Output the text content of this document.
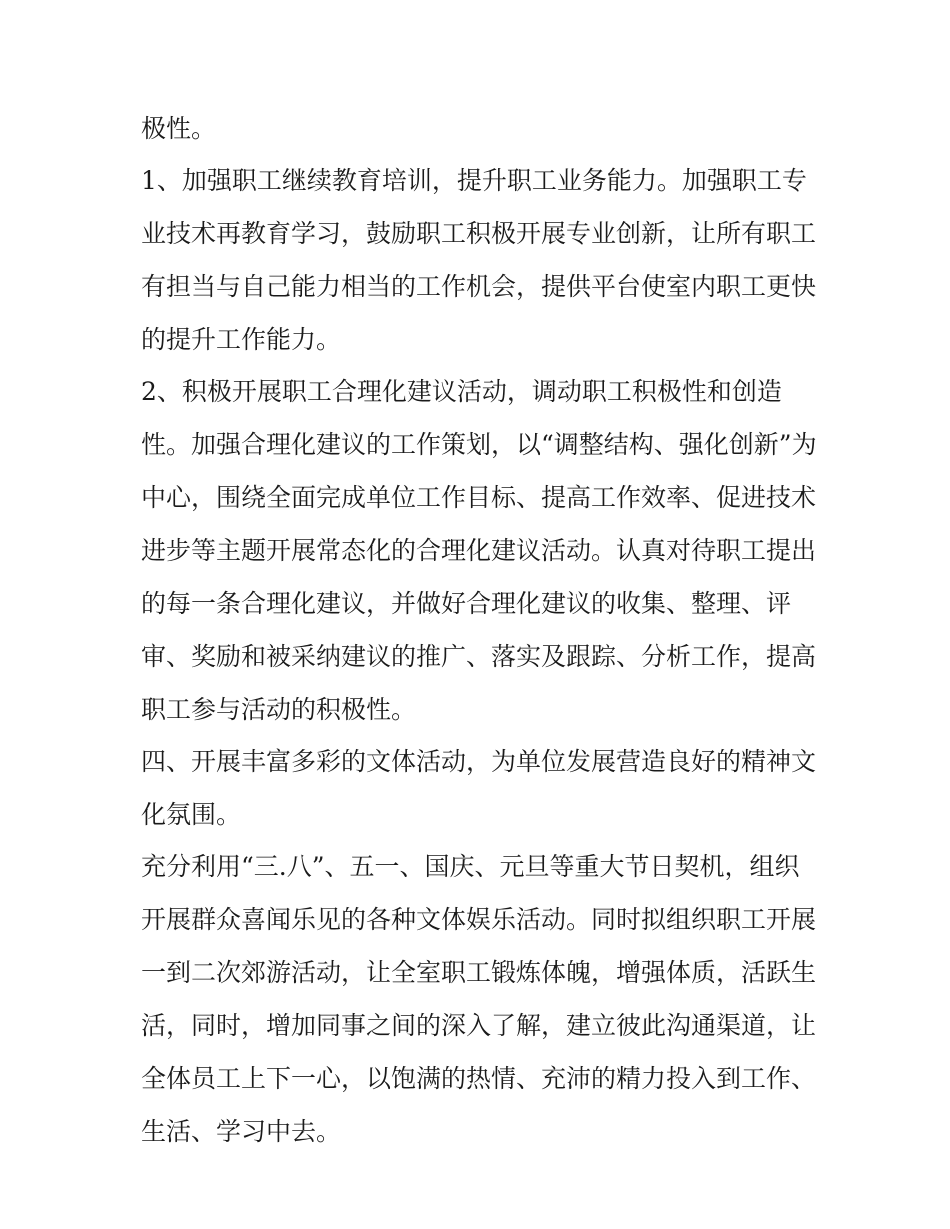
极性。

1、加强职工继续教育培训，提升职工业务能力。加强职工专

业技术再教育学习，鼓励职工积极开展专业创新，让所有职工

有担当与自己能力相当的工作机会，提供平台使室内职工更快

的提升工作能力。

2、积极开展职工合理化建议活动，调动职工积极性和创造

性。加强合理化建议的工作策划，以“调整结构、强化创新”为

中心，围绕全面完成单位工作目标、提高工作效率、促进技术

进步等主题开展常态化的合理化建议活动。认真对待职工提出

的每一条合理化建议，并做好合理化建议的收集、整理、评

审、奖励和被采纳建议的推广、落实及跟踪、分析工作，提高

职工参与活动的积极性。

四、开展丰富多彩的文体活动，为单位发展营造良好的精神文

化氛围。

充分利用“三.八”、五一、国庆、元旦等重大节日契机，组织

开展群众喜闻乐见的各种文体娱乐活动。同时拟组织职工开展

一到二次郊游活动，让全室职工锻炼体魄，增强体质，活跃生

活，同时，增加同事之间的深入了解，建立彼此沟通渠道，让

全体员工上下一心，以饱满的热情、充沛的精力投入到工作、

生活、学习中去。
